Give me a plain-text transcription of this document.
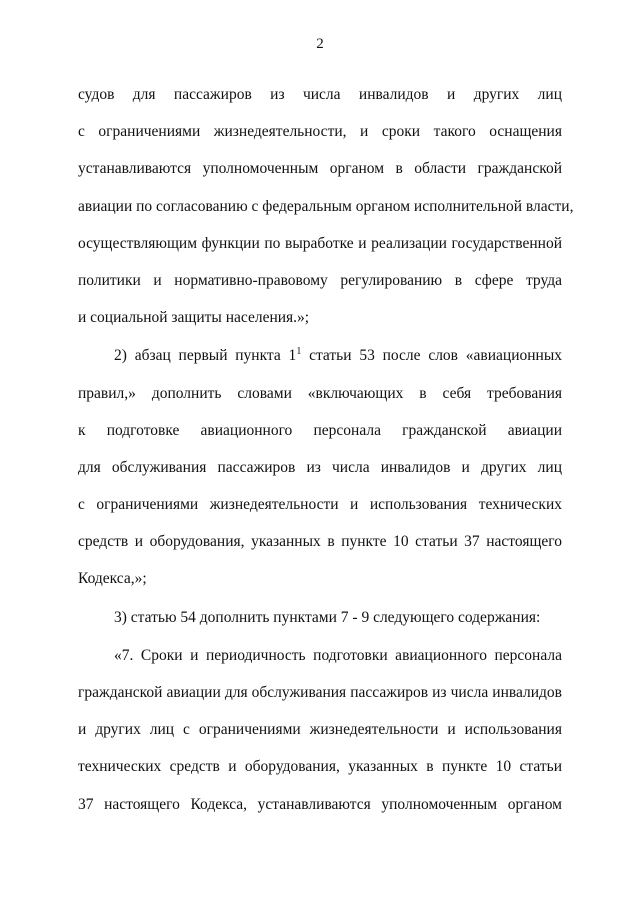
2
судов для пассажиров из числа инвалидов и других лиц
с ограничениями жизнедеятельности, и сроки такого оснащения
устанавливаются уполномоченным органом в области гражданской
авиации по согласованию с федеральным органом исполнительной власти,
осуществляющим функции по выработке и реализации государственной
политики и нормативно-правовому регулированию в сфере труда
и социальной защиты населения.»;
2) абзац первый пункта $1^1$ статьи 53 после слов «авиационных
правил,» дополнить словами «включающих в себя требования
к подготовке авиационного персонала гражданской авиации
для обслуживания пассажиров из числа инвалидов и других лиц
с ограничениями жизнедеятельности и использования технических
средств и оборудования, указанных в пункте 10 статьи 37 настоящего
Кодекса,»;
3) статью 54 дополнить пунктами 7 - 9 следующего содержания:
«7. Сроки и периодичность подготовки авиационного персонала
гражданской авиации для обслуживания пассажиров из числа инвалидов
и других лиц с ограничениями жизнедеятельности и использования
технических средств и оборудования, указанных в пункте 10 статьи
37 настоящего Кодекса, устанавливаются уполномоченным органом
